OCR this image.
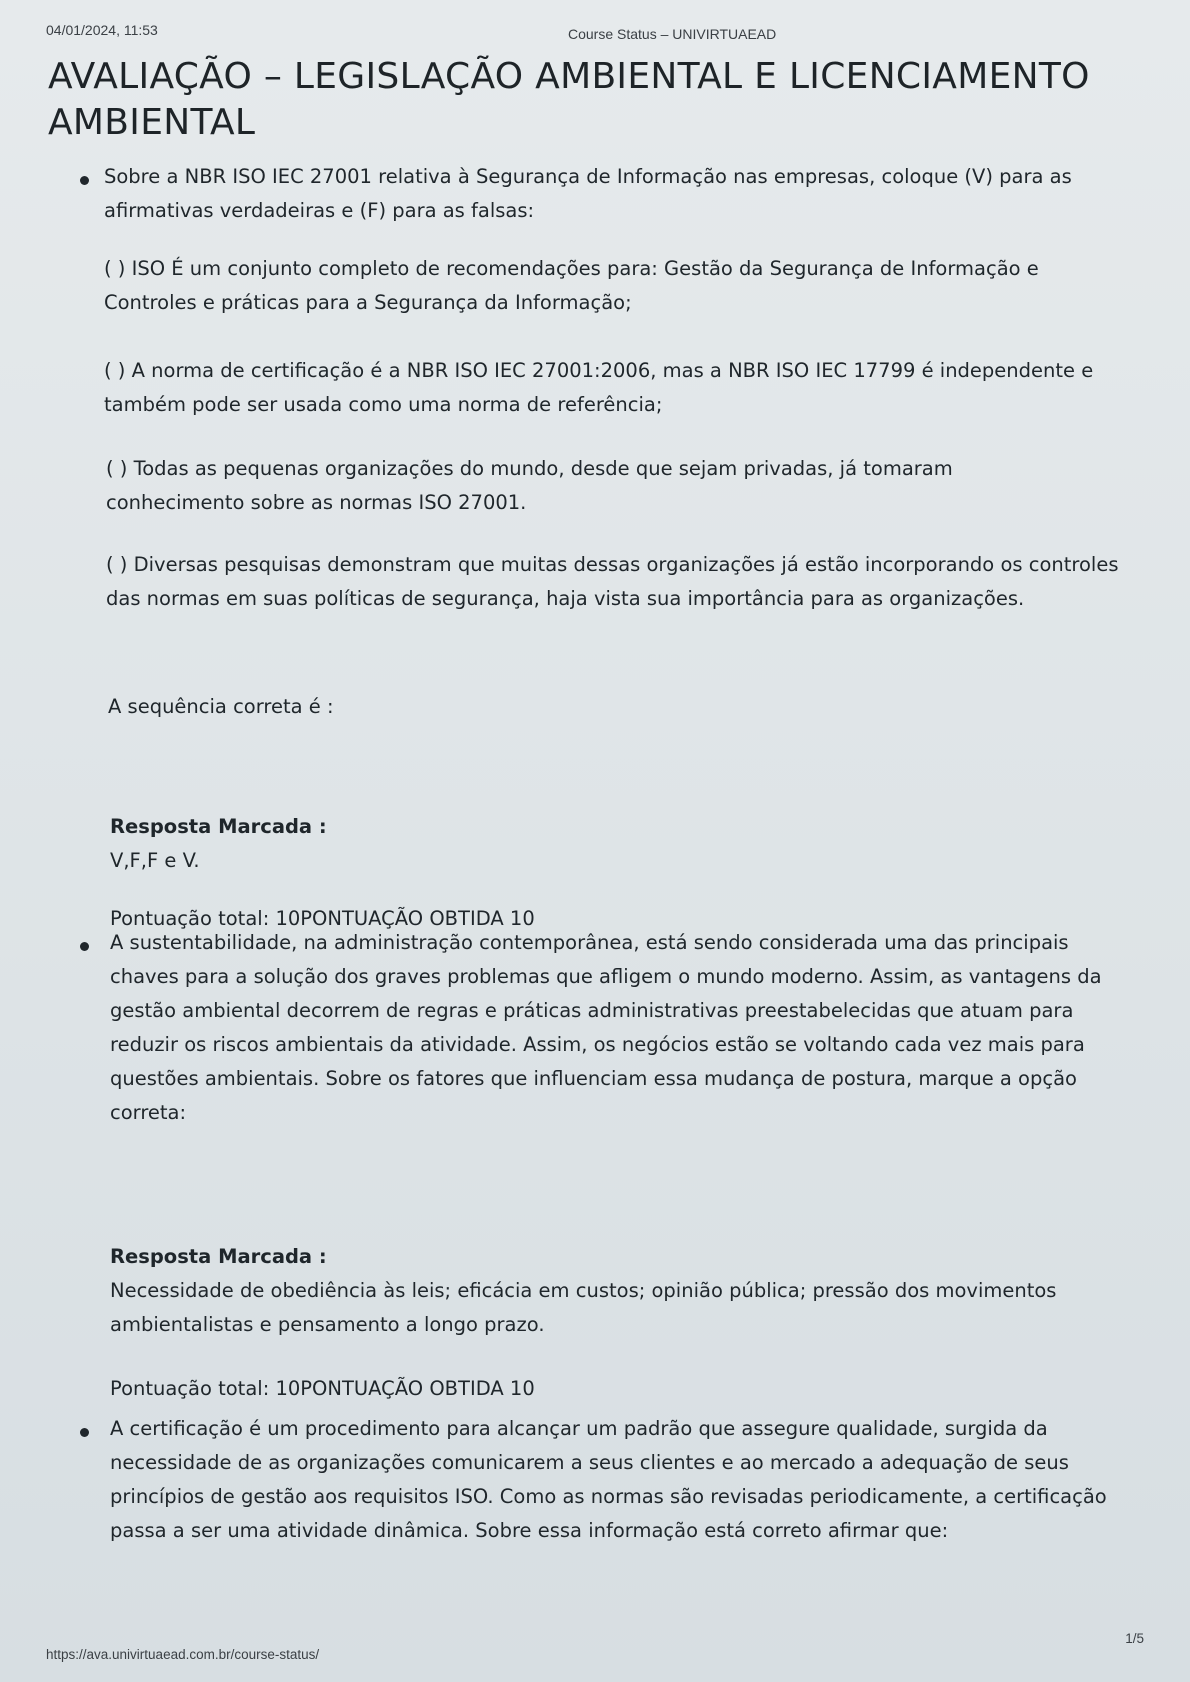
04/01/2024, 11:53	Course Status – UNIVIRTUAEAD
AVALIAÇÃO – LEGISLAÇÃO AMBIENTAL E LICENCIAMENTO AMBIENTAL
Sobre a NBR ISO IEC 27001 relativa à Segurança de Informação nas empresas, coloque (V) para as afirmativas verdadeiras e (F) para as falsas:
( ) ISO É um conjunto completo de recomendações para: Gestão da Segurança de Informação e Controles e práticas para a Segurança da Informação;
( ) A norma de certificação é a NBR ISO IEC 27001:2006, mas a NBR ISO IEC 17799 é independente e também pode ser usada como uma norma de referência;
( ) Todas as pequenas organizações do mundo, desde que sejam privadas, já tomaram conhecimento sobre as normas ISO 27001.
( ) Diversas pesquisas demonstram que muitas dessas organizações já estão incorporando os controles das normas em suas políticas de segurança, haja vista sua importância para as organizações.
A sequência correta é :
Resposta Marcada :
V,F,F e V.
Pontuação total: 10PONTUAÇÃO OBTIDA 10
A sustentabilidade, na administração contemporânea, está sendo considerada uma das principais chaves para a solução dos graves problemas que afligem o mundo moderno. Assim, as vantagens da gestão ambiental decorrem de regras e práticas administrativas preestabelecidas que atuam para reduzir os riscos ambientais da atividade. Assim, os negócios estão se voltando cada vez mais para questões ambientais. Sobre os fatores que influenciam essa mudança de postura, marque a opção correta:
Resposta Marcada :
Necessidade de obediência às leis; eficácia em custos; opinião pública; pressão dos movimentos ambientalistas e pensamento a longo prazo.
Pontuação total: 10PONTUAÇÃO OBTIDA 10
A certificação é um procedimento para alcançar um padrão que assegure qualidade, surgida da necessidade de as organizações comunicarem a seus clientes e ao mercado a adequação de seus princípios de gestão aos requisitos ISO. Como as normas são revisadas periodicamente, a certificação passa a ser uma atividade dinâmica. Sobre essa informação está correto afirmar que:
https://ava.univirtuaead.com.br/course-status/
1/5
